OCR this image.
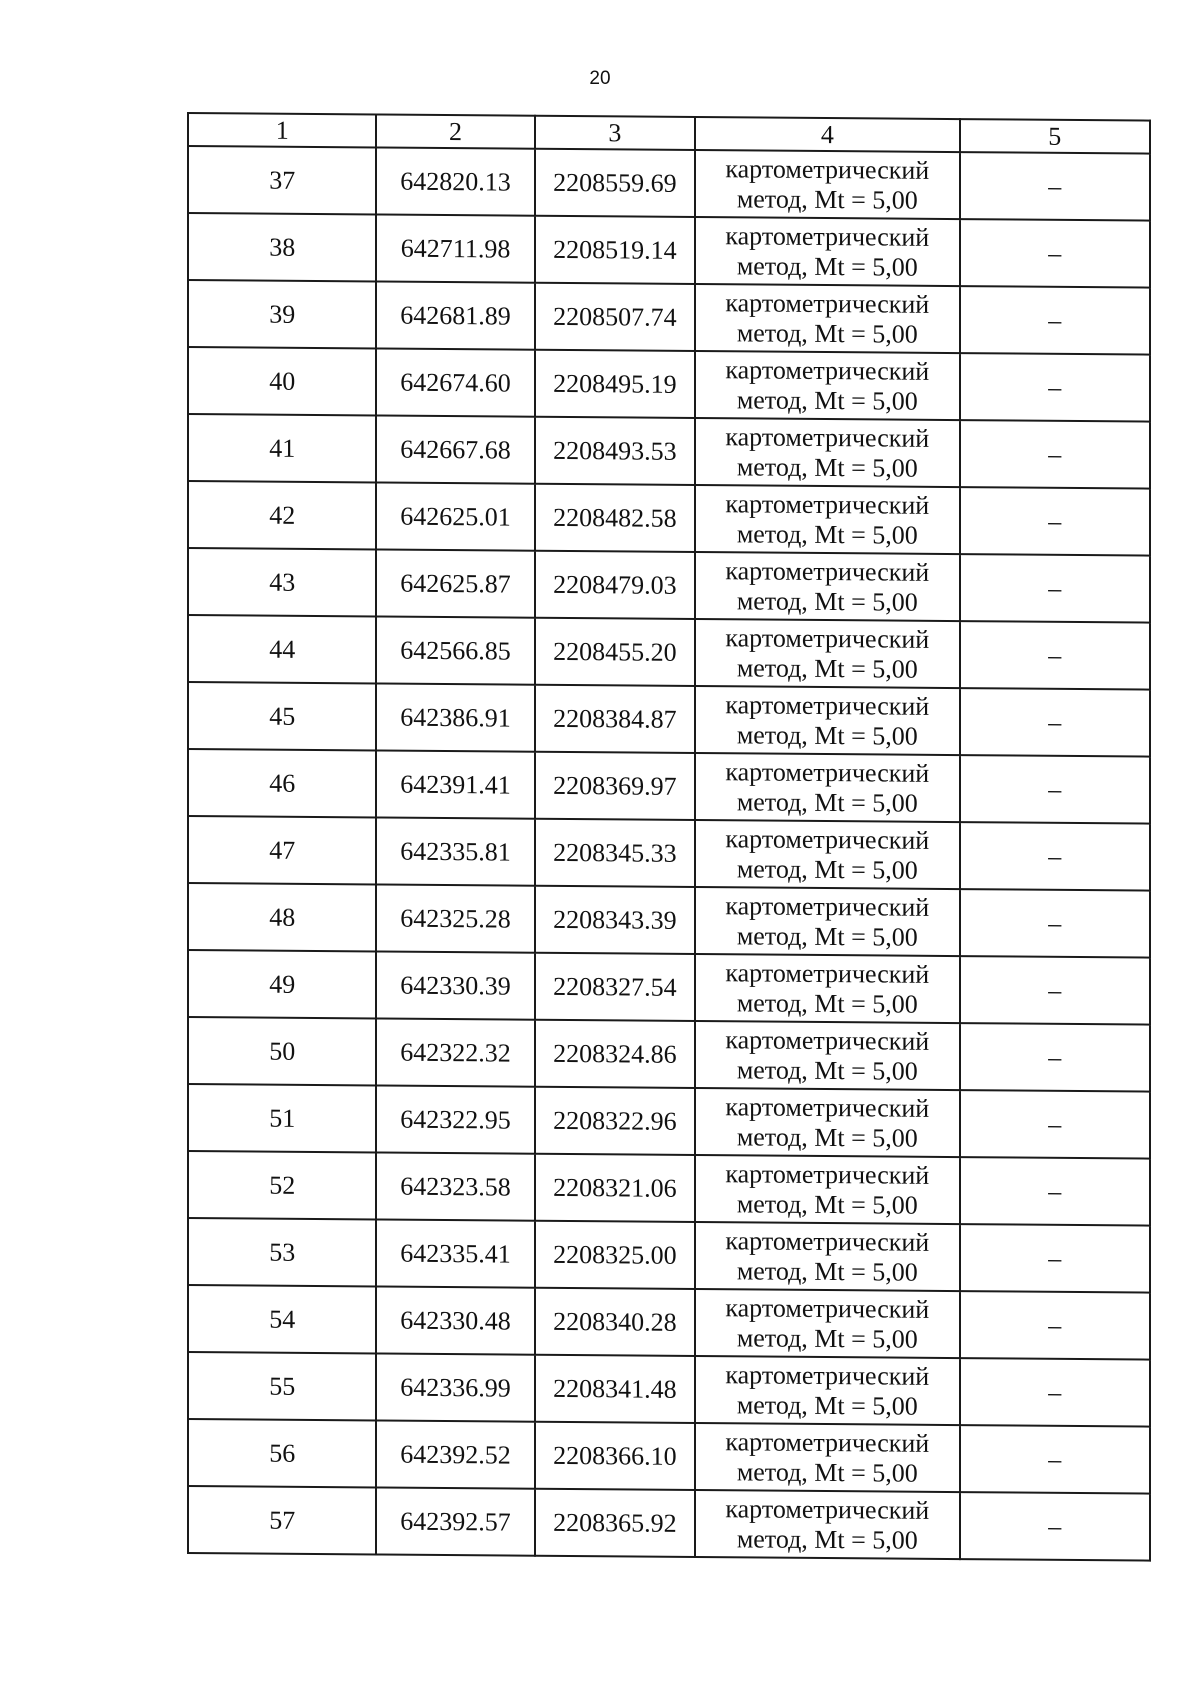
20
1	2	3	4	5
37	642820.13	2208559.69	картометрический
метод, Mt = 5,00	–
38	642711.98	2208519.14	картометрический
метод, Mt = 5,00	–
39	642681.89	2208507.74	картометрический
метод, Mt = 5,00	–
40	642674.60	2208495.19	картометрический
метод, Mt = 5,00	–
41	642667.68	2208493.53	картометрический
метод, Mt = 5,00	–
42	642625.01	2208482.58	картометрический
метод, Mt = 5,00	–
43	642625.87	2208479.03	картометрический
метод, Mt = 5,00	–
44	642566.85	2208455.20	картометрический
метод, Mt = 5,00	–
45	642386.91	2208384.87	картометрический
метод, Mt = 5,00	–
46	642391.41	2208369.97	картометрический
метод, Mt = 5,00	–
47	642335.81	2208345.33	картометрический
метод, Mt = 5,00	–
48	642325.28	2208343.39	картометрический
метод, Mt = 5,00	–
49	642330.39	2208327.54	картометрический
метод, Mt = 5,00	–
50	642322.32	2208324.86	картометрический
метод, Mt = 5,00	–
51	642322.95	2208322.96	картометрический
метод, Mt = 5,00	–
52	642323.58	2208321.06	картометрический
метод, Mt = 5,00	–
53	642335.41	2208325.00	картометрический
метод, Mt = 5,00	–
54	642330.48	2208340.28	картометрический
метод, Mt = 5,00	–
55	642336.99	2208341.48	картометрический
метод, Mt = 5,00	–
56	642392.52	2208366.10	картометрический
метод, Mt = 5,00	–
57	642392.57	2208365.92	картометрический
метод, Mt = 5,00	–
